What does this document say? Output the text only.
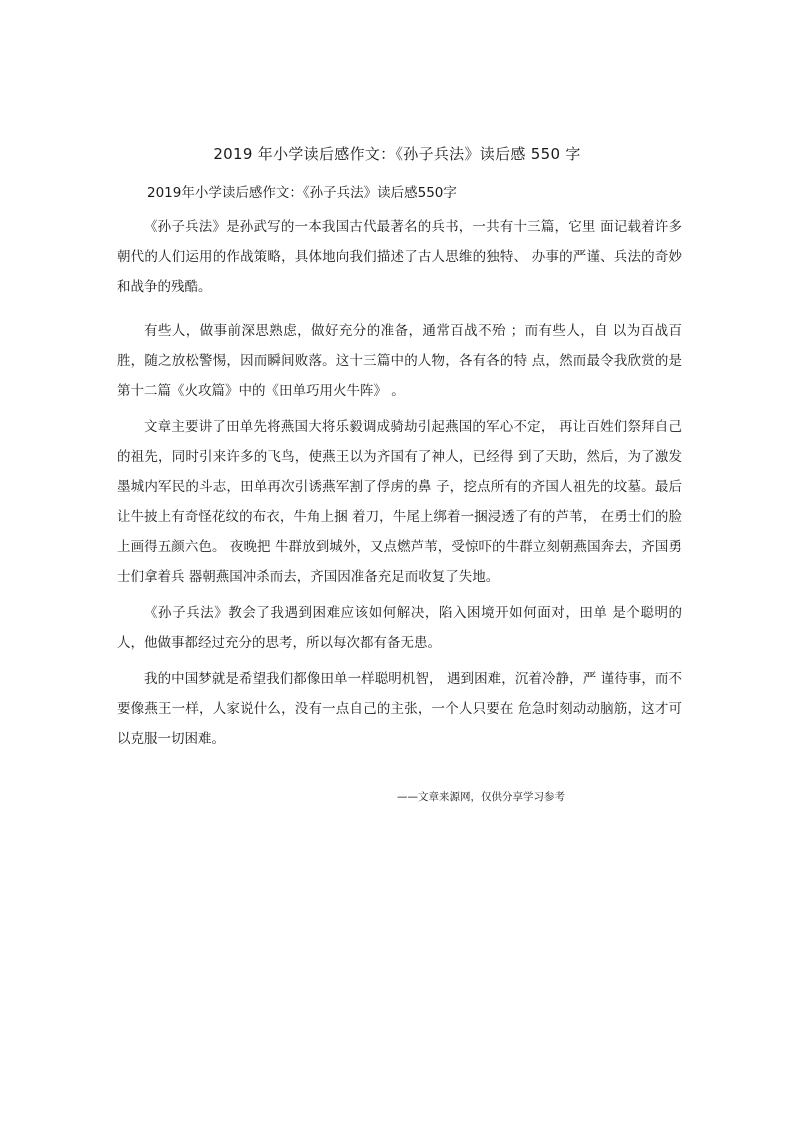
2019 年小学读后感作文：《孙子兵法》读后感 550 字
2019年小学读后感作文：《孙子兵法》读后感550字

《孙子兵法》是孙武写的一本我国古代最著名的兵书，一共有十三篇，它里 面记载着许多朝代的人们运用的作战策略，具体地向我们描述了古人思维的独特、 办事的严谨、兵法的奇妙和战争的残酷。

有些人，做事前深思熟虑，做好充分的准备，通常百战不殆 ；而有些人，自 以为百战百胜，随之放松警惕，因而瞬间败落。这十三篇中的人物，各有各的特 点，然而最令我欣赏的是第十二篇《火攻篇》中的《田单巧用火牛阵》 。

文章主要讲了田单先将燕国大将乐毅调成骑劫引起燕国的军心不定， 再让百姓们祭拜自己的祖先，同时引来许多的飞鸟，使燕王以为齐国有了神人，已经得 到了天助，然后，为了激发墨城内军民的斗志，田单再次引诱燕军割了俘虏的鼻 子，挖点所有的齐国人祖先的坟墓。最后让牛披上有奇怪花纹的布衣，牛角上捆 着刀，牛尾上绑着一捆浸透了有的芦苇， 在勇士们的脸上画得五颜六色。 夜晚把 牛群放到城外，又点燃芦苇，受惊吓的牛群立刻朝燕国奔去，齐国勇士们拿着兵 器朝燕国冲杀而去，齐国因准备充足而收复了失地。

《孙子兵法》教会了我遇到困难应该如何解决，陷入困境开如何面对，田单 是个聪明的人，他做事都经过充分的思考，所以每次都有备无患。

我的中国梦就是希望我们都像田单一样聪明机智， 遇到困难，沉着冷静，严 谨待事，而不要像燕王一样，人家说什么，没有一点自己的主张，一个人只要在 危急时刻动动脑筋，这才可以克服一切困难。

——文章来源网，仅供分享学习参考
